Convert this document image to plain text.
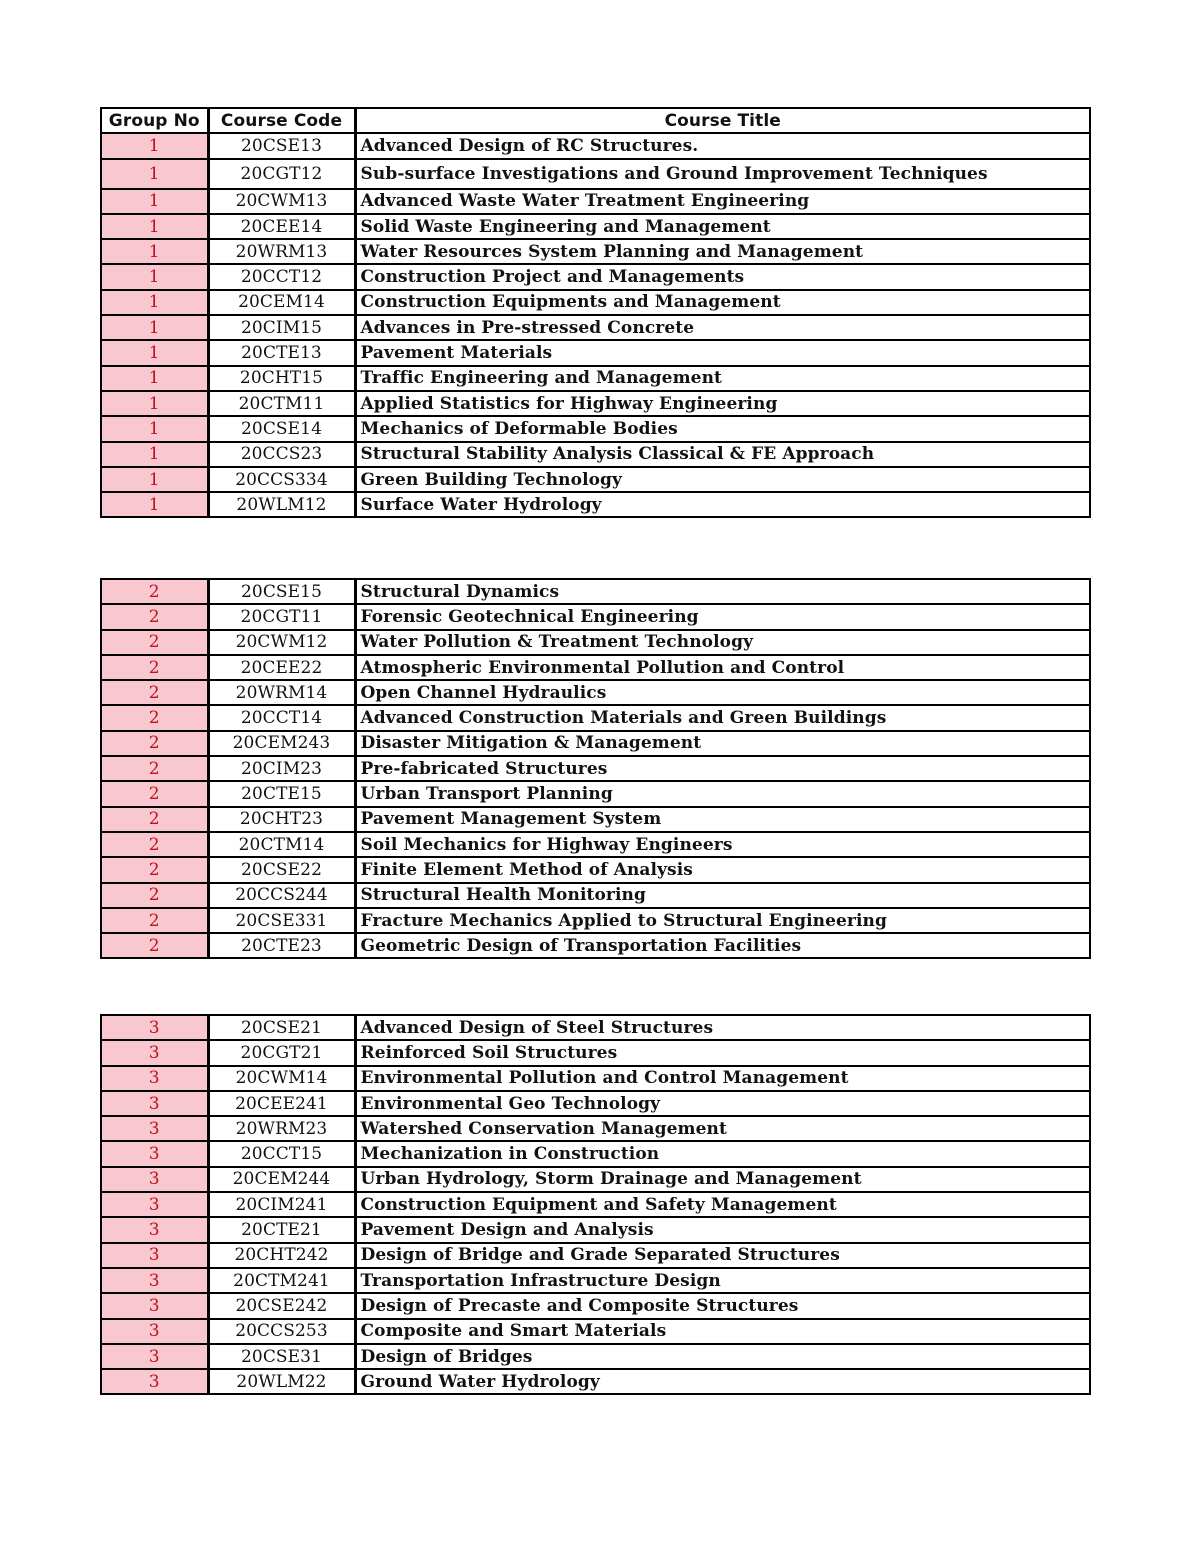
Group No	Course Code	Course Title
1	20CSE13	Advanced Design of RC Structures.
1	20CGT12	Sub-surface Investigations and Ground Improvement Techniques
1	20CWM13	Advanced Waste Water Treatment Engineering
1	20CEE14	Solid Waste Engineering and Management
1	20WRM13	Water Resources System Planning and Management
1	20CCT12	Construction Project and Managements
1	20CEM14	Construction Equipments and Management
1	20CIM15	Advances in Pre-stressed Concrete
1	20CTE13	Pavement Materials
1	20CHT15	Traffic Engineering and Management
1	20CTM11	Applied Statistics for Highway Engineering
1	20CSE14	Mechanics of Deformable Bodies
1	20CCS23	Structural Stability Analysis Classical & FE Approach
1	20CCS334	Green Building Technology
1	20WLM12	Surface Water Hydrology
2	20CSE15	Structural Dynamics
2	20CGT11	Forensic Geotechnical Engineering
2	20CWM12	Water Pollution & Treatment Technology
2	20CEE22	Atmospheric Environmental Pollution and Control
2	20WRM14	Open Channel Hydraulics
2	20CCT14	Advanced Construction Materials and Green Buildings
2	20CEM243	Disaster Mitigation & Management
2	20CIM23	Pre-fabricated Structures
2	20CTE15	Urban Transport Planning
2	20CHT23	Pavement Management System
2	20CTM14	Soil Mechanics for Highway Engineers
2	20CSE22	Finite Element Method of Analysis
2	20CCS244	Structural Health Monitoring
2	20CSE331	Fracture Mechanics Applied to Structural Engineering
2	20CTE23	Geometric Design of Transportation Facilities
3	20CSE21	Advanced Design of Steel Structures
3	20CGT21	Reinforced Soil Structures
3	20CWM14	Environmental Pollution and Control Management
3	20CEE241	Environmental Geo Technology
3	20WRM23	Watershed Conservation Management
3	20CCT15	Mechanization in Construction
3	20CEM244	Urban Hydrology, Storm Drainage and Management
3	20CIM241	Construction Equipment and Safety Management
3	20CTE21	Pavement Design and Analysis
3	20CHT242	Design of Bridge and Grade Separated Structures
3	20CTM241	Transportation Infrastructure Design
3	20CSE242	Design of Precaste and Composite Structures
3	20CCS253	Composite and Smart Materials
3	20CSE31	Design of Bridges
3	20WLM22	Ground Water Hydrology
